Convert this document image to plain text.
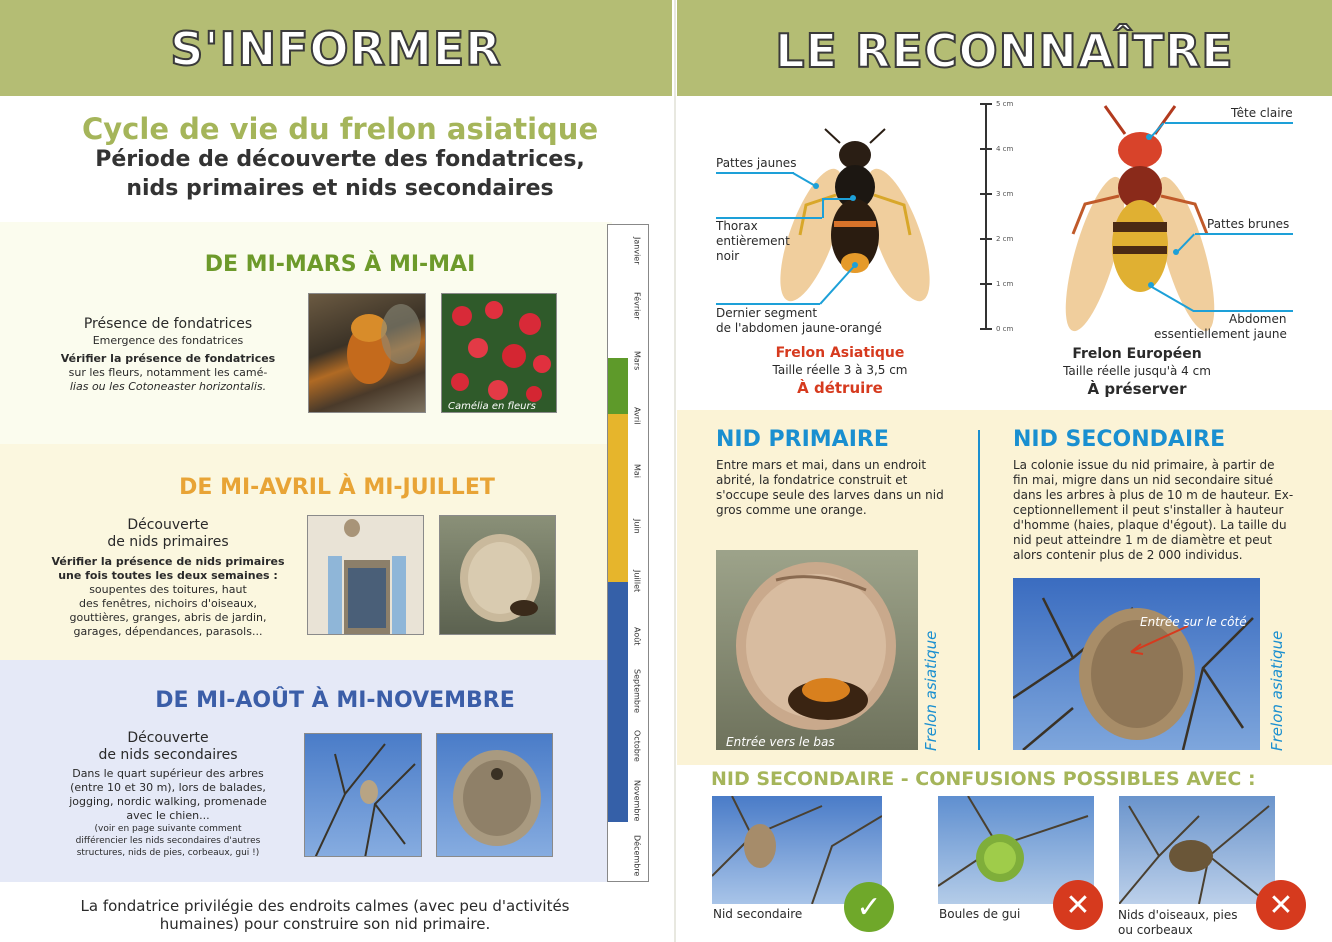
S'INFORMER
Cycle de vie du frelon asiatique
Période de découverte des fondatrices,
nids primaires et nids secondaires
DE MI-MARS À MI-MAI
Présence de fondatrices
Emergence des fondatrices
Vérifier la présence de fondatrices
sur les fleurs, notamment les camé-
lias ou les Cotoneaster horizontalis.
Camélia en fleurs
DE MI-AVRIL À MI-JUILLET
Découverte
de nids primaires
Vérifier la présence de nids primaires
une fois toutes les deux semaines :
soupentes des toitures, haut
des fenêtres, nichoirs d'oiseaux,
gouttières, granges, abris de jardin,
garages, dépendances, parasols...
DE MI-AOÛT À MI-NOVEMBRE
Découverte
de nids secondaires
Dans le quart supérieur des arbres
(entre 10 et 30 m), lors de balades,
jogging, nordic walking, promenade
avec le chien...
(voir en page suivante comment
différencier les nids secondaires d'autres
structures, nids de pies, corbeaux, gui !)
Janvier
Février
Mars
Avril
Mai
Juin
Juillet
Août
Septembre
Octobre
Novembre
Décembre
La fondatrice privilégie des endroits calmes (avec peu d'activités
humaines) pour construire son nid primaire.
LE RECONNAÎTRE
Pattes jaunes
Thorax
entièrement
noir
Dernier segment
de l'abdomen jaune-orangé
Frelon Asiatique
Taille réelle 3 à 3,5 cm
À détruire
5 cm
4 cm
3 cm
2 cm
1 cm
0 cm
Tête claire
Pattes brunes
Abdomen
essentiellement jaune
Frelon Européen
Taille réelle jusqu'à 4 cm
À préserver
NID PRIMAIRE
Entre mars et mai, dans un endroit
abrité, la fondatrice construit et
s'occupe seule des larves dans un nid
gros comme une orange.
Entrée vers le bas	Frelon asiatique
NID SECONDAIRE
La colonie issue du nid primaire, à partir de
fin mai, migre dans un nid secondaire situé
dans les arbres à plus de 10 m de hauteur. Ex-
ceptionnellement il peut s'installer à hauteur
d'homme (haies, plaque d'égout). La taille du
nid peut atteindre 1 m de diamètre et peut
alors contenir plus de 2 000 individus.
Entrée sur le côté
Frelon asiatique
NID SECONDAIRE - CONFUSIONS POSSIBLES AVEC :
Nid secondaire	✓	Boules de gui	✕	Nids d'oiseaux, pies
ou corbeaux
✕
